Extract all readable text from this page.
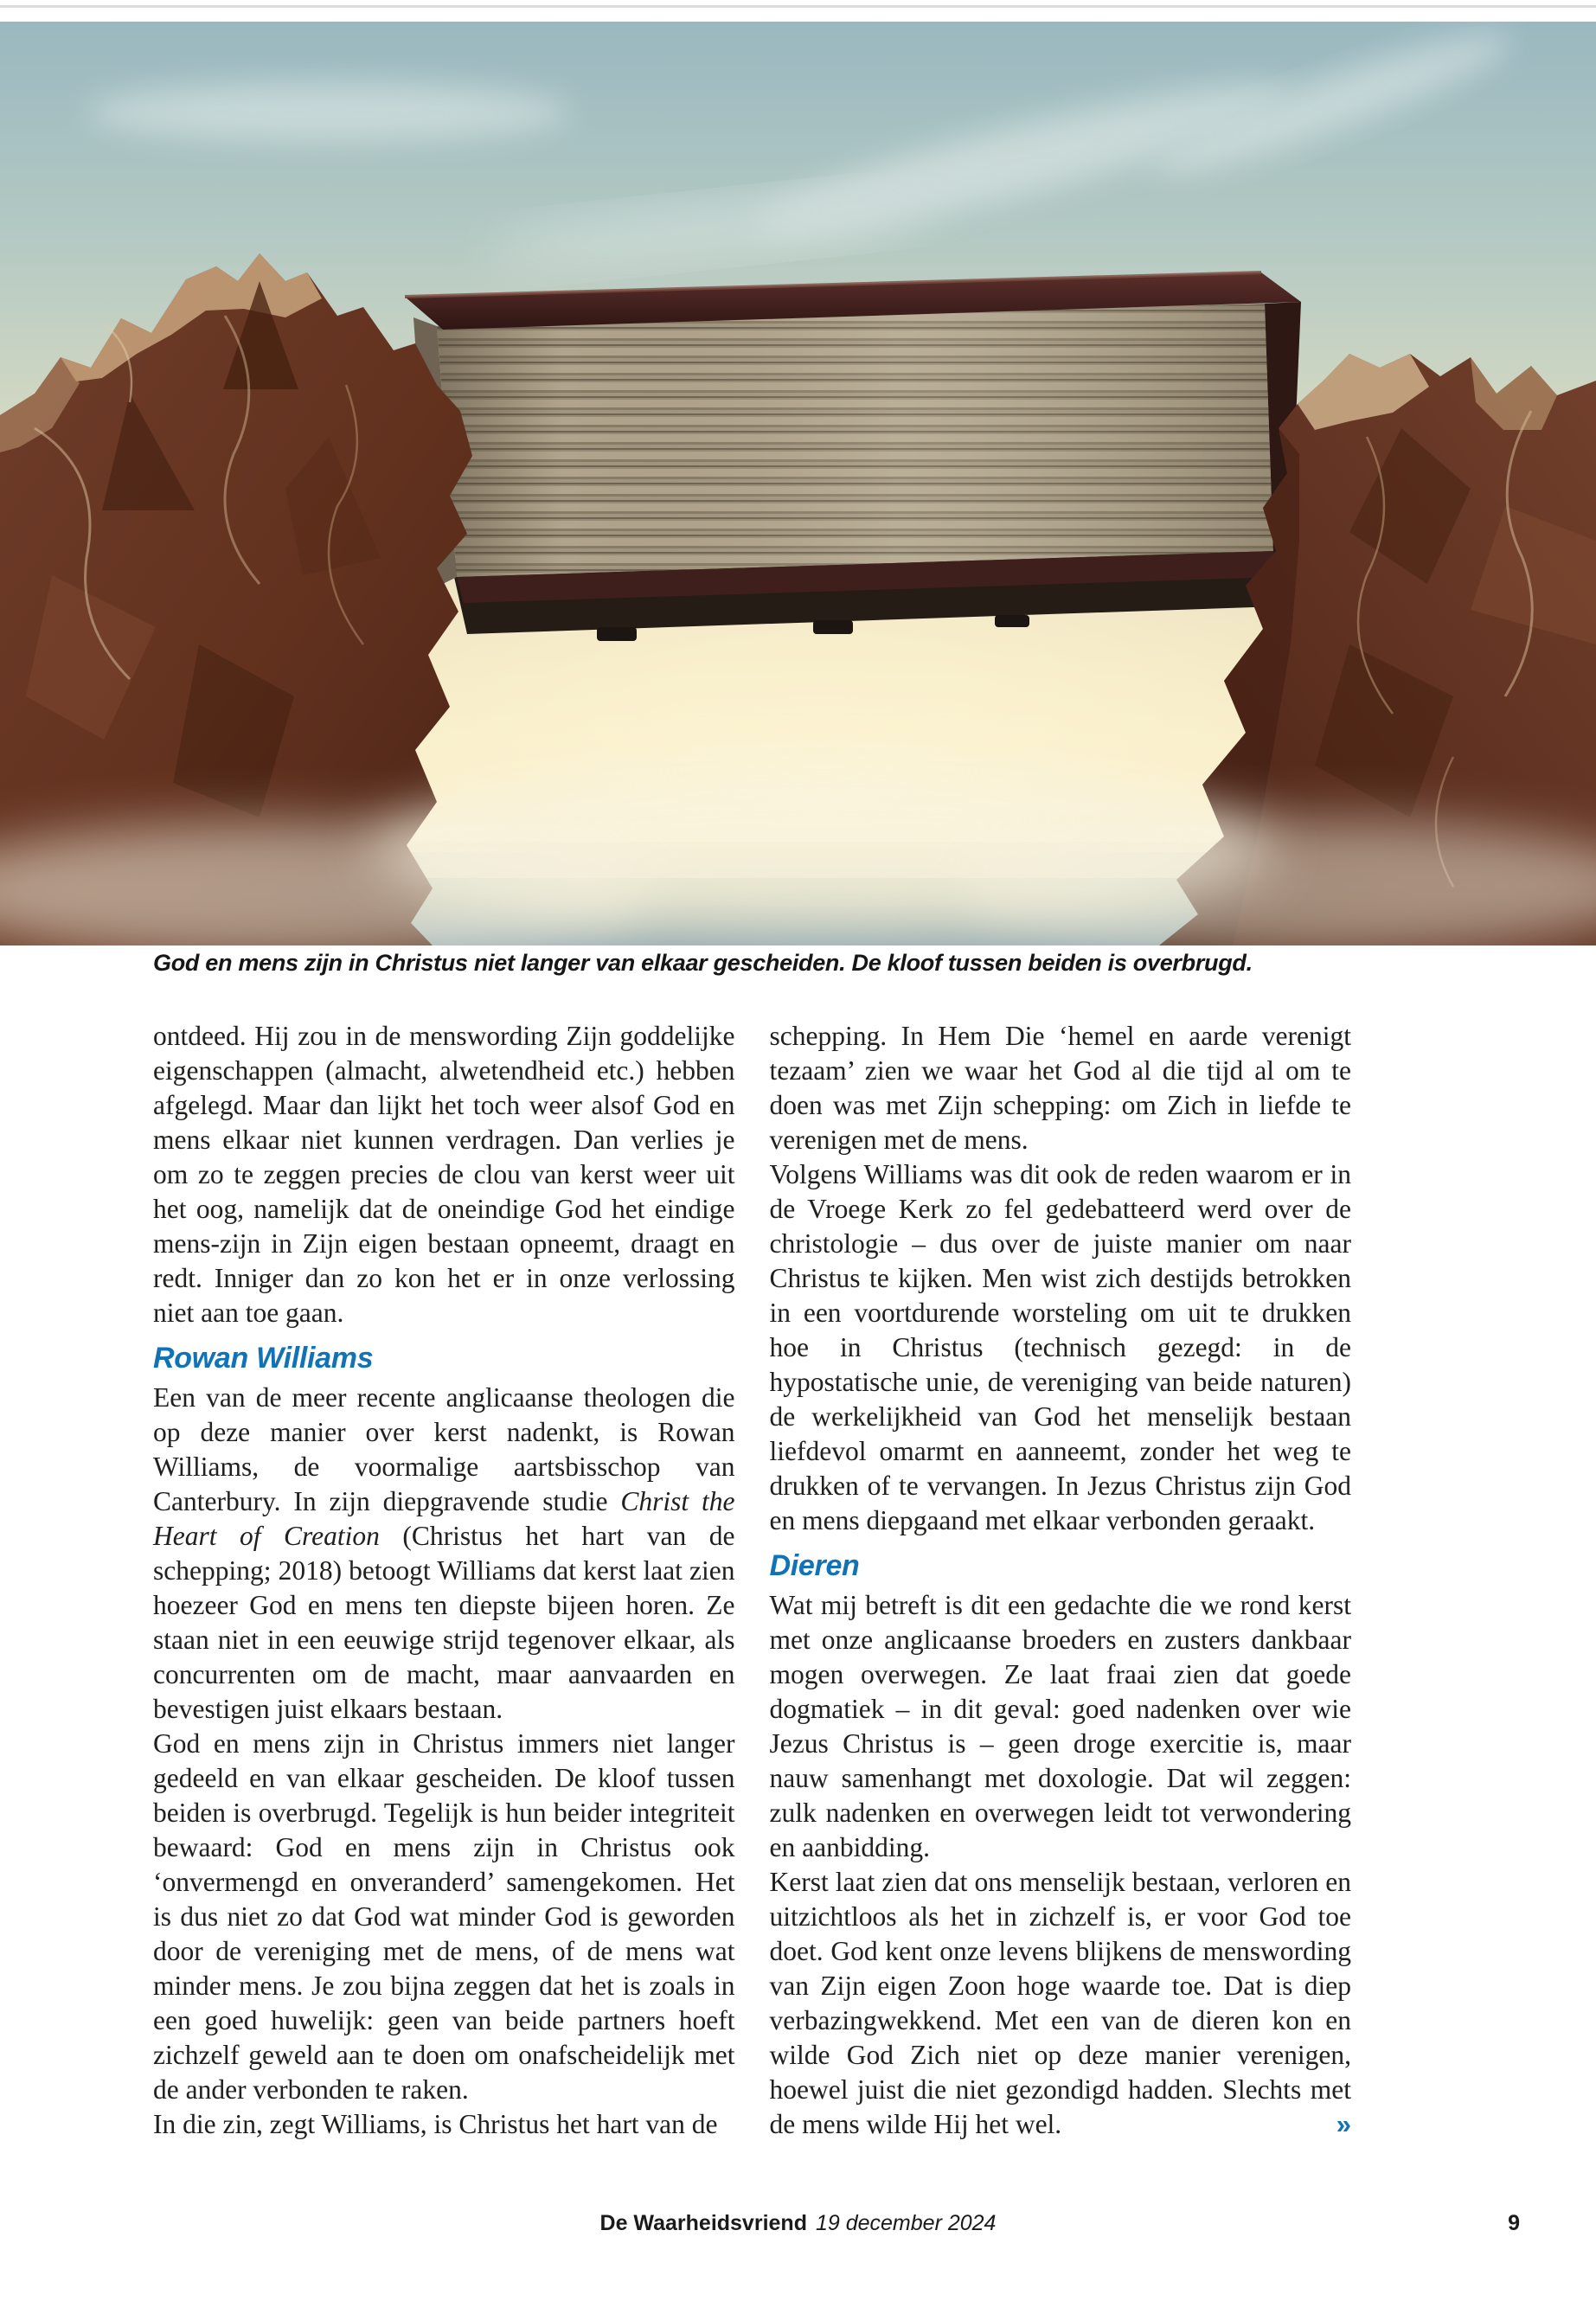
God en mens zijn in Christus niet langer van elkaar gescheiden. De kloof tussen beiden is overbrugd.

ontdeed. Hij zou in de menswording Zijn goddelijke eigenschappen (almacht, alwetendheid etc.) hebben afgelegd. Maar dan lijkt het toch weer alsof God en mens elkaar niet kunnen verdragen. Dan verlies je om zo te zeggen precies de clou van kerst weer uit het oog, namelijk dat de oneindige God het eindige mens-zijn in Zijn eigen bestaan opneemt, draagt en redt. Inniger dan zo kon het er in onze verlossing niet aan toe gaan.

Rowan Williams

Een van de meer recente anglicaanse theologen die op deze manier over kerst nadenkt, is Rowan Williams, de voormalige aartsbisschop van Canterbury. In zijn diepgravende studie Christ the Heart of Creation (Christus het hart van de schepping; 2018) betoogt Williams dat kerst laat zien hoezeer God en mens ten diepste bijeen horen. Ze staan niet in een eeuwige strijd tegenover elkaar, als concurrenten om de macht, maar aanvaarden en bevestigen juist elkaars bestaan.

God en mens zijn in Christus immers niet langer gedeeld en van elkaar gescheiden. De kloof tussen beiden is overbrugd. Tegelijk is hun beider integriteit bewaard: God en mens zijn in Christus ook ‘onvermengd en onveranderd’ samengekomen. Het is dus niet zo dat God wat minder God is geworden door de vereniging met de mens, of de mens wat minder mens. Je zou bijna zeggen dat het is zoals in een goed huwelijk: geen van beide partners hoeft zichzelf geweld aan te doen om onafscheidelijk met de ander verbonden te raken.

In die zin, zegt Williams, is Christus het hart van de

schepping. In Hem Die ‘hemel en aarde verenigt tezaam’ zien we waar het God al die tijd al om te doen was met Zijn schepping: om Zich in liefde te verenigen met de mens.

Volgens Williams was dit ook de reden waarom er in de Vroege Kerk zo fel gedebatteerd werd over de christologie – dus over de juiste manier om naar Christus te kijken. Men wist zich destijds betrokken in een voortdurende worsteling om uit te drukken hoe in Christus (technisch gezegd: in de hypostatische unie, de vereniging van beide naturen) de werkelijkheid van God het menselijk bestaan liefdevol omarmt en aanneemt, zonder het weg te drukken of te vervangen. In Jezus Christus zijn God en mens diepgaand met elkaar verbonden geraakt.

Dieren

Wat mij betreft is dit een gedachte die we rond kerst met onze anglicaanse broeders en zusters dankbaar mogen overwegen. Ze laat fraai zien dat goede dogmatiek – in dit geval: goed nadenken over wie Jezus Christus is – geen droge exercitie is, maar nauw samenhangt met doxologie. Dat wil zeggen: zulk nadenken en overwegen leidt tot verwondering en aanbidding.

Kerst laat zien dat ons menselijk bestaan, verloren en uitzichtloos als het in zichzelf is, er voor God toe doet. God kent onze levens blijkens de menswording van Zijn eigen Zoon hoge waarde toe. Dat is diep verbazingwekkend. Met een van de dieren kon en wilde God Zich niet op deze manier verenigen, hoewel juist die niet gezondigd hadden. Slechts met de mens wilde Hij het wel.	»

De Waarheidsvriend 19 december 2024	9
